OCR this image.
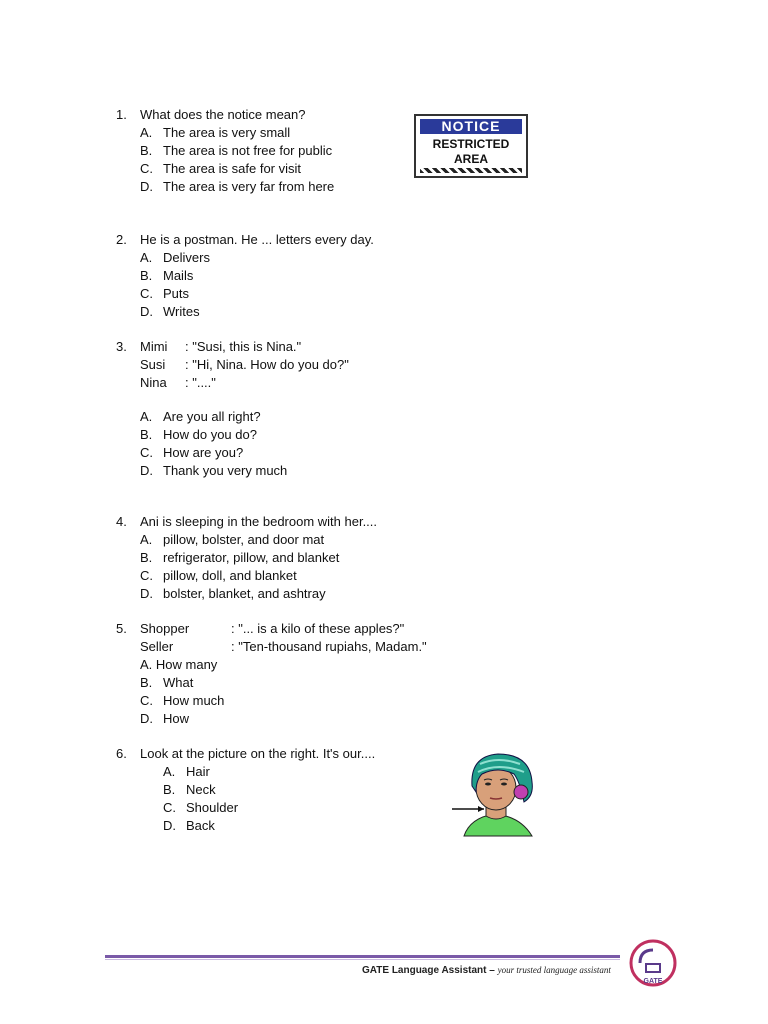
1. What does the notice mean?
A. The area is very small
B. The area is not free for public
C. The area is safe for visit
D. The area is very far from here
NOTICE
RESTRICTED
AREA
2. He is a postman. He ... letters every day.
A. Delivers
B. Mails
C. Puts
D. Writes
3. Mimi : "Susi, this is Nina."
Susi : "Hi, Nina. How do you do?"
Nina : "...."
A. Are you all right?
B. How do you do?
C. How are you?
D. Thank you very much
4. Ani is sleeping in the bedroom with her....
A. pillow, bolster, and door mat
B. refrigerator, pillow, and blanket
C. pillow, doll, and blanket
D. bolster, blanket, and ashtray
5. Shopper	: "... is a kilo of these apples?"
Seller	: "Ten-thousand rupiahs, Madam."
A. How many
B. What
C. How much
D. How
6. Look at the picture on the right. It's our....
A. Hair
B. Neck
C. Shoulder
D. Back
GATE Language Assistant – your trusted language assistant
GATE
